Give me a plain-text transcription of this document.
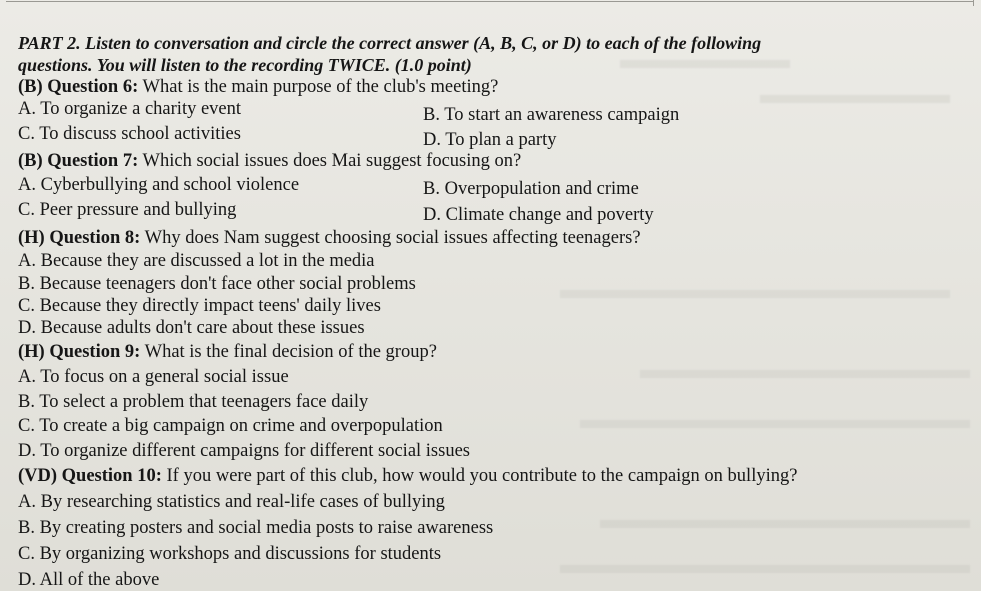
PART 2. Listen to conversation and circle the correct answer (A, B, C, or D) to each of the following
questions. You will listen to the recording TWICE. (1.0 point)
(B) Question 6: What is the main purpose of the club's meeting?
A. To organize a charity event	B. To start an awareness campaign
C. To discuss school activities	D. To plan a party
(B) Question 7: Which social issues does Mai suggest focusing on?
A. Cyberbullying and school violence	B. Overpopulation and crime
C. Peer pressure and bullying	D. Climate change and poverty
(H) Question 8: Why does Nam suggest choosing social issues affecting teenagers?
A. Because they are discussed a lot in the media
B. Because teenagers don't face other social problems
C. Because they directly impact teens' daily lives
D. Because adults don't care about these issues
(H) Question 9: What is the final decision of the group?
A. To focus on a general social issue
B. To select a problem that teenagers face daily
C. To create a big campaign on crime and overpopulation
D. To organize different campaigns for different social issues
(VD) Question 10: If you were part of this club, how would you contribute to the campaign on bullying?
A. By researching statistics and real-life cases of bullying
B. By creating posters and social media posts to raise awareness
C. By organizing workshops and discussions for students
D. All of the above
